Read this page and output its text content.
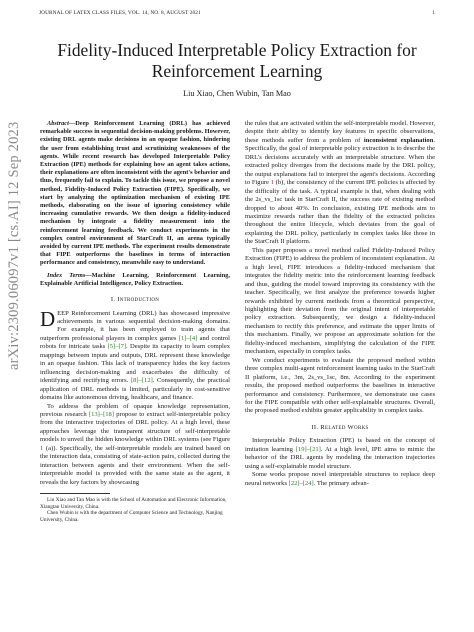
JOURNAL OF LATEX CLASS FILES, VOL. 14, NO. 8, AUGUST 2021	1
arXiv:2309.06097v1 [cs.AI] 12 Sep 2023
Fidelity-Induced Interpretable Policy Extraction for Reinforcement Learning
Liu Xiao, Chen Wubin, Tan Mao

Abstract—Deep Reinforcement Learning (DRL) has achieved remarkable success in sequential decision-making problems. However, existing DRL agents make decisions in an opaque fashion, hindering the user from establishing trust and scrutinizing weaknesses of the agents. While recent research has developed Interpretable Policy Extraction (IPE) methods for explaining how an agent takes actions, their explanations are often inconsistent with the agent's behavior and thus, frequently fail to explain. To tackle this issue, we propose a novel method, Fidelity-Induced Policy Extraction (FIPE). Specifically, we start by analyzing the optimization mechanism of existing IPE methods, elaborating on the issue of ignoring consistency while increasing cumulative rewards. We then design a fidelity-induced mechanism by integrate a fidelity measurement into the reinforcement learning feedback. We conduct experiments in the complex control environment of StarCraft II, an arena typically avoided by current IPE methods. The experiment results demonstrate that FIPE outperforms the baselines in terms of interaction performance and consistency, meanwhile easy to understand.

Index Terms—Machine Learning, Reinforcement Learning, Explainable Artificial Intelligence, Policy Extraction.

I. Introduction

DEEP Reinforcement Learning (DRL) has showcased impressive achievements in various sequential decision-making domains. For example, it has been employed to train agents that outperform professional players in complex games [1]–[4] and control robots for intricate tasks [5]–[7]. Despite its capacity to learn complex mappings between inputs and outputs, DRL represent these knowledge in an opaque fashion. This lack of transparency hides the key factors influencing decision-making and exacerbates the difficulty of identifying and rectifying errors. [8]–[12]. Consequently, the practical application of DRL methods is limited, particularly in cost-sensitive domains like autonomous driving, healthcare, and finance.

To address the problem of opaque knowledge representation, previous research [13]–[18] propose to extract self-interpretable policy from the interactive trajectories of DRL policy. At a high level, these approaches leverage the transparent structure of self-interpretable models to unveil the hidden knowledge within DRL systems (see Figure 1 (a)). Specifically, the self-interpretable models are trained based on the interaction data, consisting of state-action pairs, collected during the interaction between agents and their environment. When the self-interpretable model is provided with the same state as the agent, it reveals the key factors by showcasing

Liu Xiao and Tan Mao is with the School of Automation and Electronic Information, Xiangtan University, China.

Chen Wubin is with the department of Computer Science and Technology, Nanjing University, China.

the rules that are activated within the self-interpretable model. However, despite their ability to identify key features in specific observations, these methods suffer from a problem of inconsistent explanation. Specifically, the goal of interpretable policy extraction is to describe the DRL's decisions accurately with an interpretable structure. When the extracted policy diverges from the decisions made by the DRL policy, the output explanations fail to interpret the agent's decisions. According to Figure 1 (b), the consistency of the current IPE policies is affected by the difficulty of the task. A typical example is that, when dealing with the 2s_vs_1sc task in StarCraft II, the success rate of existing method dropped to about 40%. In conclusion, existing IPE methods aim to maximize rewards rather than the fidelity of the extracted policies throughout the entire lifecycle, which deviates from the goal of explaining the DRL policy, particularly in complex tasks like those in the StarCraft II platform.

This paper proposes a novel method called Fidelity-Induced Policy Extraction (FIPE) to address the problem of inconsistent explanation. At a high level, FIPE introduces a fidelity-induced mechanism that integrates the fidelity metric into the reinforcement learning feedback and thus, guiding the model toward improving its consistency with the teacher. Specifically, we first analyze the preference towards higher rewards exhibited by current methods from a theoretical perspective, highlighting their deviation from the original intent of interpretable policy extraction. Subsequently, we design a fidelity-induced mechanism to rectify this preference, and estimate the upper limits of this mechanism. Finally, we propose an approximate solution for the fidelity-induced mechanism, simplifying the calculation of the FIPE mechanism, especially in complex tasks.

We conduct experiments to evaluate the proposed method within three complex multi-agent reinforcement learning tasks in the StarCraft II platform, i.e., 3m, 2s_vs_1sc, 8m. According to the experiment results, the proposed method outperforms the baselines in interactive performance and consistency. Furthermore, we demonstrate use cases for the FIPE compatible with other self-explainable structures. Overall, the proposed method exhibits greater applicability in complex tasks.

II. Related Works

Interpretable Policy Extraction (IPE) is based on the concept of imitation learning [19]–[21]. At a high level, IPE aims to mimic the behavior of the DRL agents by modeling the interaction trajectories using a self-explainable model structure.

Some works propose novel interpretable structures to replace deep neural networks [22]–[24]. The primary advan-
